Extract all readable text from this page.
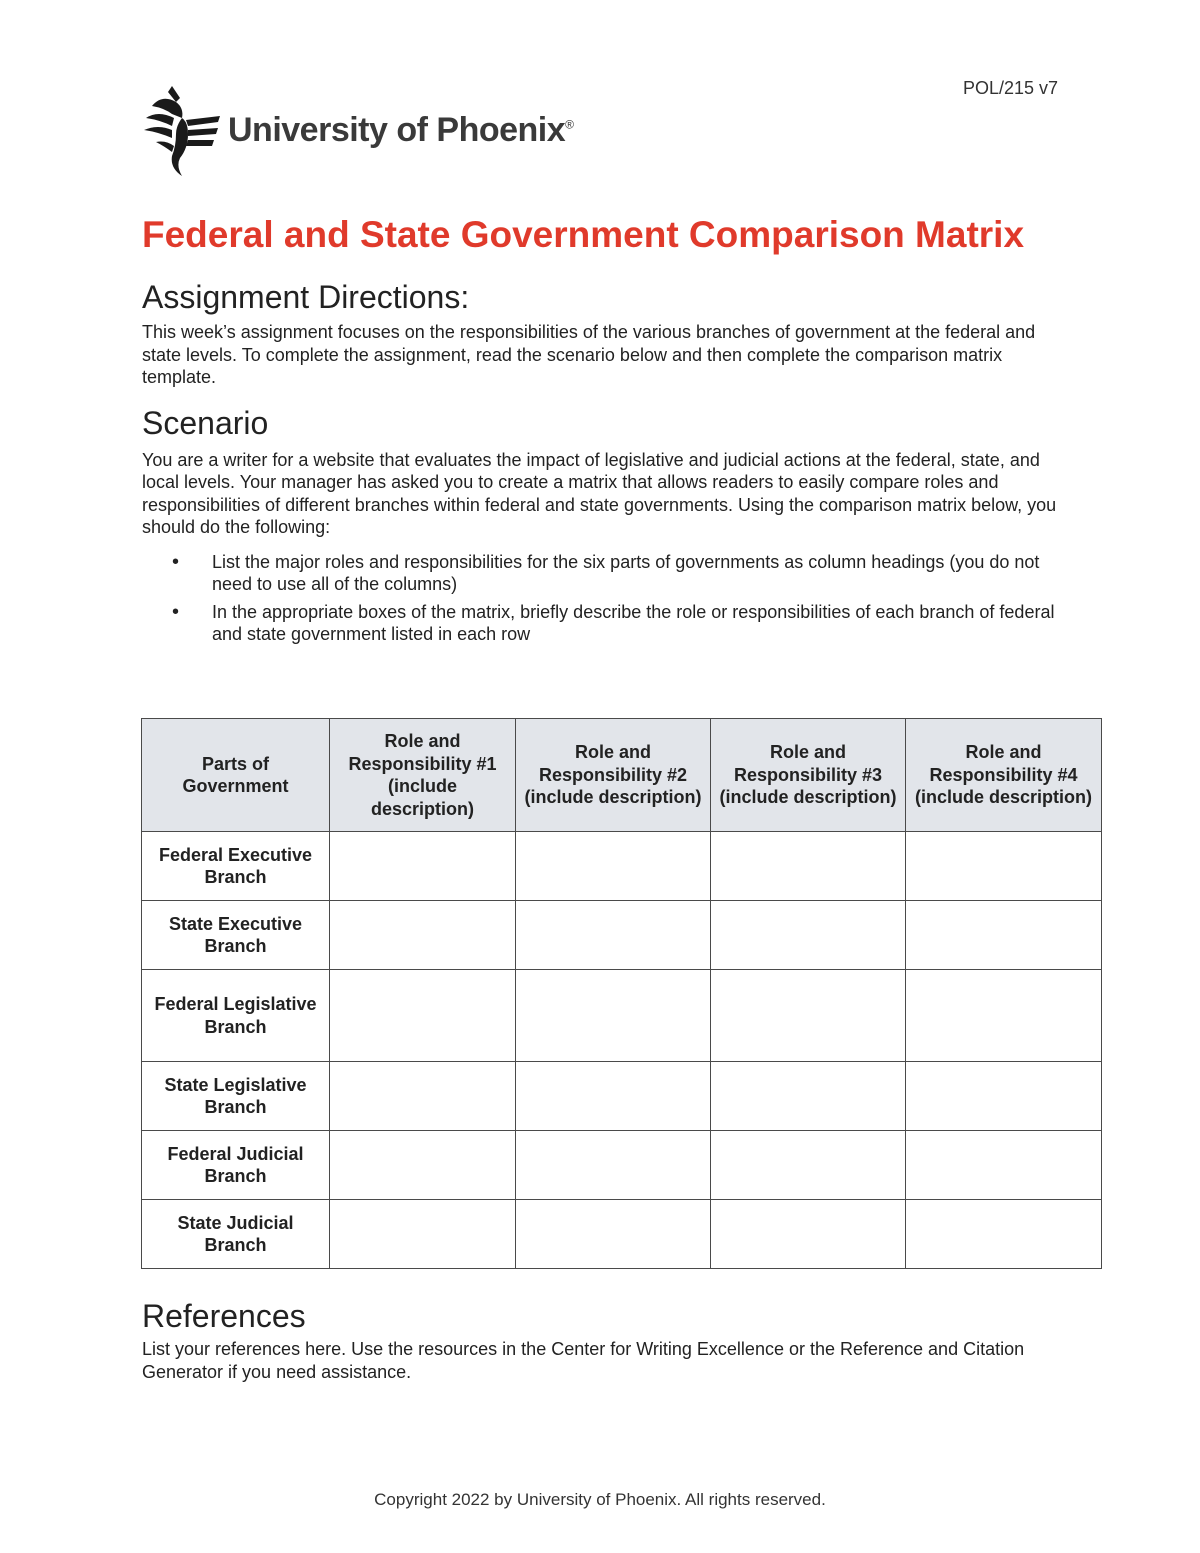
POL/215 v7
University of Phoenix®
Federal and State Government Comparison Matrix
Assignment Directions:

This week’s assignment focuses on the responsibilities of the various branches of government at the federal and state levels. To complete the assignment, read the scenario below and then complete the comparison matrix template.

Scenario

You are a writer for a website that evaluates the impact of legislative and judicial actions at the federal, state, and local levels. Your manager has asked you to create a matrix that allows readers to easily compare roles and responsibilities of different branches within federal and state governments. Using the comparison matrix below, you should do the following:

• List the major roles and responsibilities for the six parts of governments as column headings (you do not need to use all of the columns)
• In the appropriate boxes of the matrix, briefly describe the role or responsibilities of each branch of federal and state government listed in each row
Parts of Government	Role and Responsibility #1 (include description)	Role and Responsibility #2 (include description)	Role and Responsibility #3 (include description)	Role and Responsibility #4 (include description)
Federal Executive Branch				
State Executive Branch				
Federal Legislative Branch				
State Legislative Branch				
Federal Judicial Branch				
State Judicial Branch				
References

List your references here. Use the resources in the Center for Writing Excellence or the Reference and Citation Generator if you need assistance.

Copyright 2022 by University of Phoenix. All rights reserved.
